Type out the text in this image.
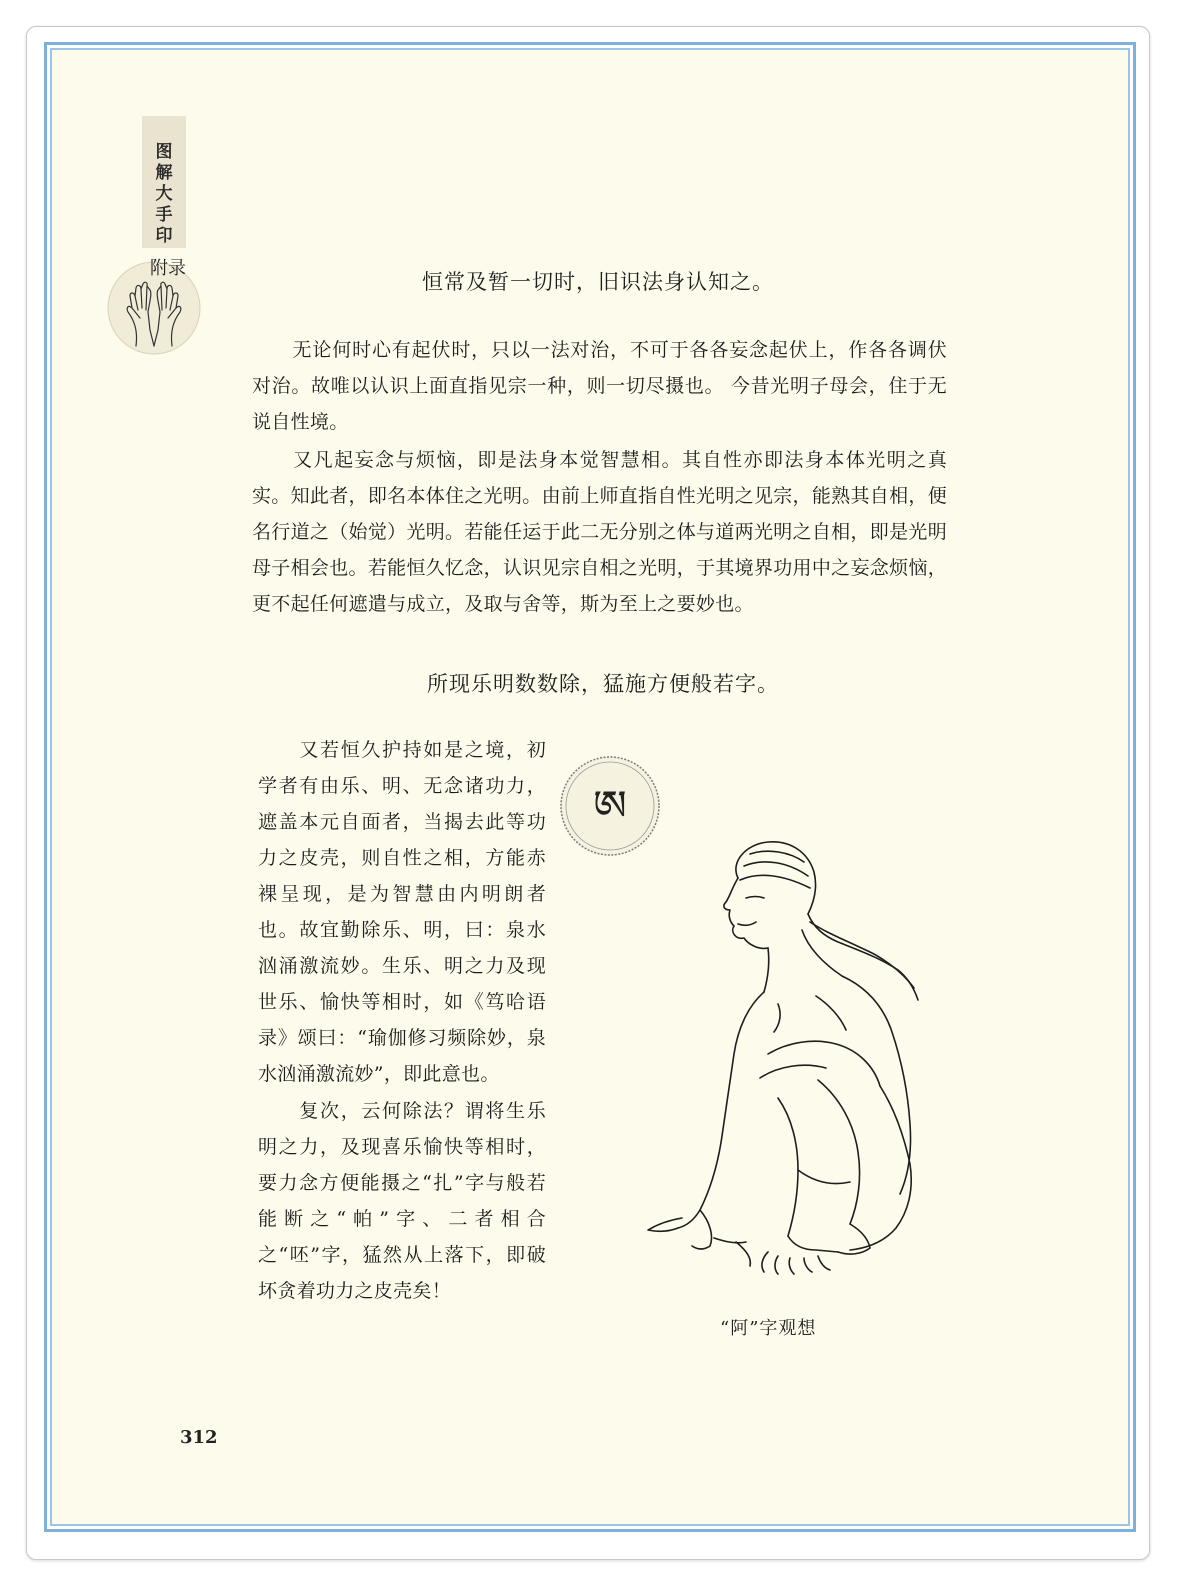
图
解
大
手
印
附录
恒常及暂一切时，旧识法身认知之。

无论何时心有起伏时，只以一法对治，不可于各各妄念起伏上，作各各调伏对治。故唯以认识上面直指见宗一种，则一切尽摄也。 今昔光明子母会，住于无说自性境。

又凡起妄念与烦恼，即是法身本觉智慧相。其自性亦即法身本体光明之真实。知此者，即名本体住之光明。由前上师直指自性光明之见宗，能熟其自相，便名行道之（始觉）光明。若能任运于此二无分别之体与道两光明之自相，即是光明母子相会也。若能恒久忆念，认识见宗自相之光明，于其境界功用中之妄念烦恼，更不起任何遮遣与成立，及取与舍等，斯为至上之要妙也。

所现乐明数数除，猛施方便般若字。

又若恒久护持如是之境，初学者有由乐、明、无念诸功力，遮盖本元自面者，当揭去此等功力之皮壳，则自性之相，方能赤裸呈现，是为智慧由内明朗者也。故宜勤除乐、明，曰：泉水汹涌激流妙。生乐、明之力及现世乐、愉快等相时，如《笃哈语录》颂曰：“瑜伽修习频除妙，泉水汹涌激流妙”，即此意也。

复次，云何除法？谓将生乐明之力，及现喜乐愉快等相时，要力念方便能摄之“扎”字与般若能断之“帕”字、二者相合之“呸”字，猛然从上落下，即破坏贪着功力之皮壳矣！

ཨ
“阿”字观想
312
